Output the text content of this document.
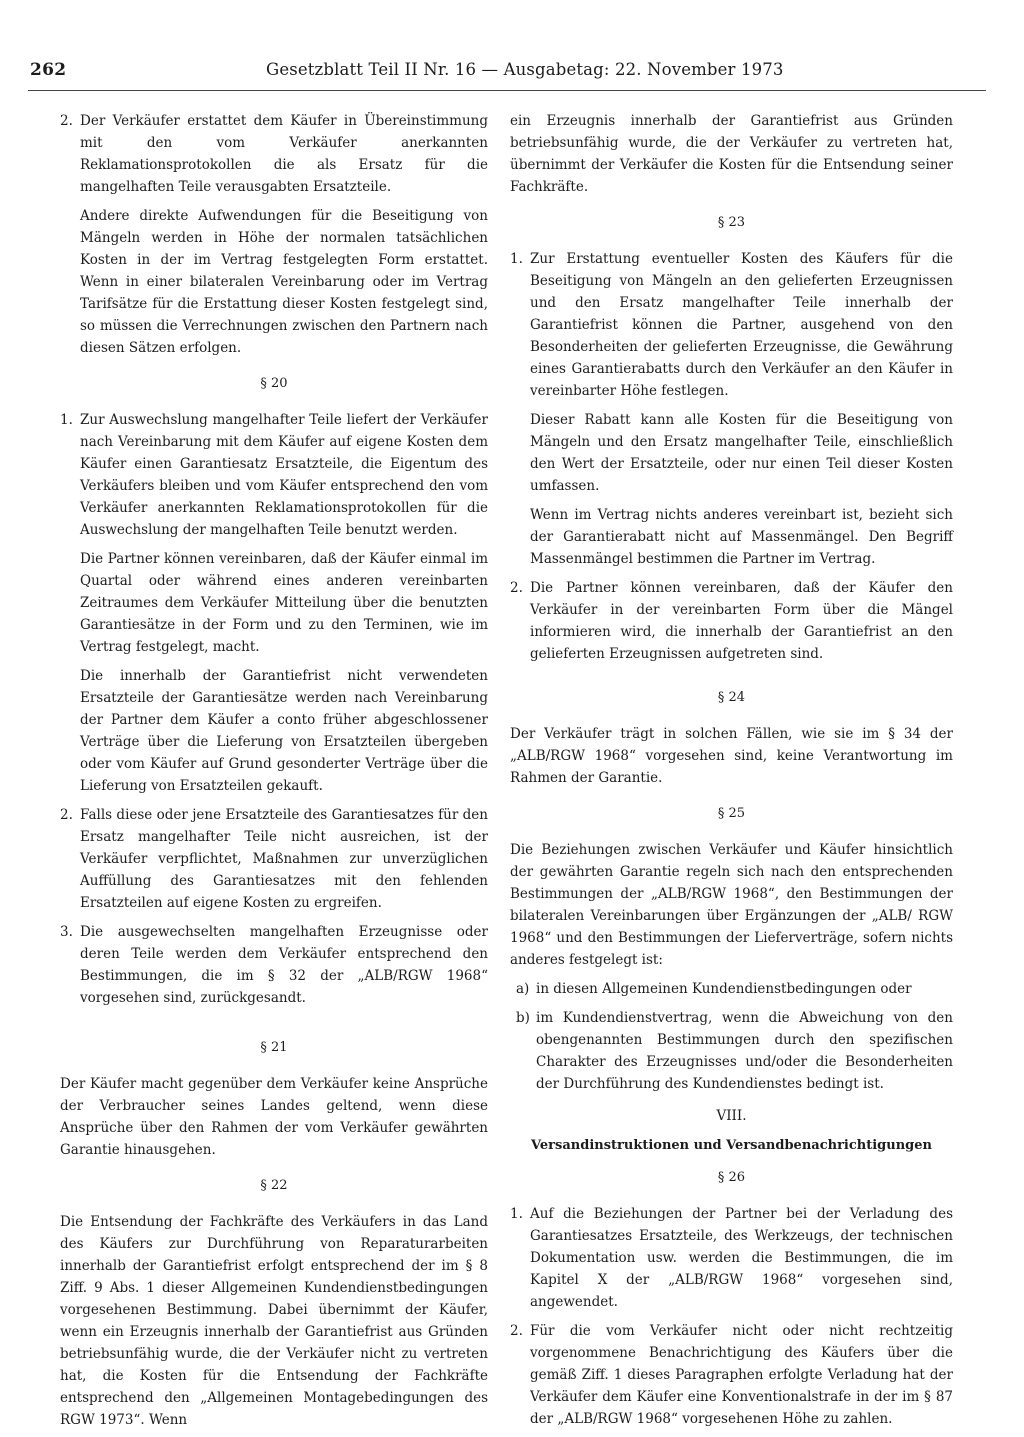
262	Gesetzblatt Teil II Nr. 16 — Ausgabetag: 22. November 1973
2. Der Verkäufer erstattet dem Käufer in Übereinstimmung mit den vom Verkäufer anerkannten Reklamationsprotokollen die als Ersatz für die mangelhaften Teile verausgabten Ersatzteile.

Andere direkte Aufwendungen für die Beseitigung von Mängeln werden in Höhe der normalen tatsächlichen Kosten in der im Vertrag festgelegten Form erstattet. Wenn in einer bilateralen Vereinbarung oder im Vertrag Tarifsätze für die Erstattung dieser Kosten festgelegt sind, so müssen die Verrechnungen zwischen den Partnern nach diesen Sätzen erfolgen.

§ 20
1. Zur Auswechslung mangelhafter Teile liefert der Verkäufer nach Vereinbarung mit dem Käufer auf eigene Kosten dem Käufer einen Garantiesatz Ersatzteile, die Eigentum des Verkäufers bleiben und vom Käufer entsprechend den vom Verkäufer anerkannten Reklamationsprotokollen für die Auswechslung der mangelhaften Teile benutzt werden.

Die Partner können vereinbaren, daß der Käufer einmal im Quartal oder während eines anderen vereinbarten Zeitraumes dem Verkäufer Mitteilung über die benutzten Garantiesätze in der Form und zu den Terminen, wie im Vertrag festgelegt, macht.

Die innerhalb der Garantiefrist nicht verwendeten Ersatzteile der Garantiesätze werden nach Vereinbarung der Partner dem Käufer a conto früher abgeschlossener Verträge über die Lieferung von Ersatzteilen übergeben oder vom Käufer auf Grund gesonderter Verträge über die Lieferung von Ersatzteilen gekauft.

2. Falls diese oder jene Ersatzteile des Garantiesatzes für den Ersatz mangelhafter Teile nicht ausreichen, ist der Verkäufer verpflichtet, Maßnahmen zur unverzüglichen Auffüllung des Garantiesatzes mit den fehlenden Ersatzteilen auf eigene Kosten zu ergreifen.

3. Die ausgewechselten mangelhaften Erzeugnisse oder deren Teile werden dem Verkäufer entsprechend den Bestimmungen, die im § 32 der „ALB/RGW 1968“ vorgesehen sind, zurückgesandt.

§ 21

Der Käufer macht gegenüber dem Verkäufer keine Ansprüche der Verbraucher seines Landes geltend, wenn diese Ansprüche über den Rahmen der vom Verkäufer gewährten Garantie hinausgehen.

§ 22

Die Entsendung der Fachkräfte des Verkäufers in das Land des Käufers zur Durchführung von Reparaturarbeiten innerhalb der Garantiefrist erfolgt entsprechend der im § 8 Ziff. 9 Abs. 1 dieser Allgemeinen Kundendienstbedingungen vorgesehenen Bestimmung. Dabei übernimmt der Käufer, wenn ein Erzeugnis innerhalb der Garantiefrist aus Gründen betriebsunfähig wurde, die der Verkäufer nicht zu vertreten hat, die Kosten für die Entsendung der Fachkräfte entsprechend den „Allgemeinen Montagebedingungen des RGW 1973“. Wenn

ein Erzeugnis innerhalb der Garantiefrist aus Gründen betriebsunfähig wurde, die der Verkäufer zu vertreten hat, übernimmt der Verkäufer die Kosten für die Entsendung seiner Fachkräfte.

§ 23
1. Zur Erstattung eventueller Kosten des Käufers für die Beseitigung von Mängeln an den gelieferten Erzeugnissen und den Ersatz mangelhafter Teile innerhalb der Garantiefrist können die Partner, ausgehend von den Besonderheiten der gelieferten Erzeugnisse, die Gewährung eines Garantierabatts durch den Verkäufer an den Käufer in vereinbarter Höhe festlegen.

Dieser Rabatt kann alle Kosten für die Beseitigung von Mängeln und den Ersatz mangelhafter Teile, einschließlich den Wert der Ersatzteile, oder nur einen Teil dieser Kosten umfassen.

Wenn im Vertrag nichts anderes vereinbart ist, bezieht sich der Garantierabatt nicht auf Massenmängel. Den Begriff Massenmängel bestimmen die Partner im Vertrag.

2. Die Partner können vereinbaren, daß der Käufer den Verkäufer in der vereinbarten Form über die Mängel informieren wird, die innerhalb der Garantiefrist an den gelieferten Erzeugnissen aufgetreten sind.

§ 24

Der Verkäufer trägt in solchen Fällen, wie sie im § 34 der „ALB/RGW 1968“ vorgesehen sind, keine Verantwortung im Rahmen der Garantie.

§ 25

Die Beziehungen zwischen Verkäufer und Käufer hinsichtlich der gewährten Garantie regeln sich nach den entsprechenden Bestimmungen der „ALB/RGW 1968“, den Bestimmungen der bilateralen Vereinbarungen über Ergänzungen der „ALB/ RGW 1968“ und den Bestimmungen der Lieferverträge, sofern nichts anderes festgelegt ist:

a) in diesen Allgemeinen Kundendienstbedingungen oder

b) im Kundendienstvertrag, wenn die Abweichung von den obengenannten Bestimmungen durch den spezifischen Charakter des Erzeugnisses und/oder die Besonderheiten der Durchführung des Kundendienstes bedingt ist.

VIII.
Versandinstruktionen und Versandbenachrichtigungen
§ 26
1. Auf die Beziehungen der Partner bei der Verladung des Garantiesatzes Ersatzteile, des Werkzeugs, der technischen Dokumentation usw. werden die Bestimmungen, die im Kapitel X der „ALB/RGW 1968“ vorgesehen sind, angewendet.

2. Für die vom Verkäufer nicht oder nicht rechtzeitig vorgenommene Benachrichtigung des Käufers über die gemäß Ziff. 1 dieses Paragraphen erfolgte Verladung hat der Verkäufer dem Käufer eine Konventionalstrafe in der im § 87 der „ALB/RGW 1968“ vorgesehenen Höhe zu zahlen.
